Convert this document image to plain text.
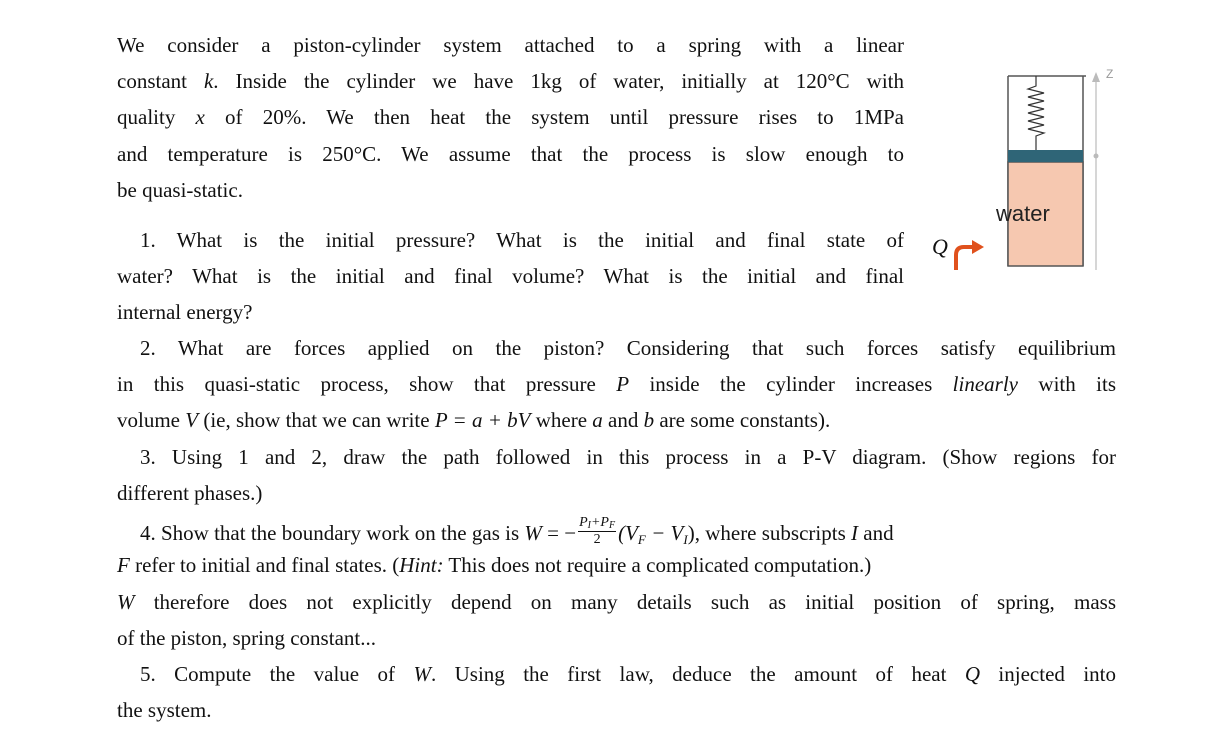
We consider a piston-cylinder system attached to a spring with a linear
constant k. Inside the cylinder we have 1kg of water, initially at 120°C with
quality x of 20%. We then heat the system until pressure rises to 1MPa
and temperature is 250°C. We assume that the process is slow enough to
be quasi-static.
1. What is the initial pressure? What is the initial and final state of
water? What is the initial and final volume? What is the initial and final
internal energy?
2. What are forces applied on the piston? Considering that such forces satisfy equilibrium
in this quasi-static process, show that pressure P inside the cylinder increases linearly with its
volume V (ie, show that we can write P = a + bV where a and b are some constants).
3. Using 1 and 2, draw the path followed in this process in a P-V diagram. (Show regions for
different phases.)
4. Show that the boundary work on the gas is W = − $\frac{PI+PF}{2} (V_F - V_I)$, where subscripts I and
F refer to initial and final states. (Hint: This does not require a complicated computation.)
W therefore does not explicitly depend on many details such as initial position of spring, mass
of the piston, spring constant...
5. Compute the value of W. Using the first law, deduce the amount of heat Q injected into
the system.
Z
Q
water
